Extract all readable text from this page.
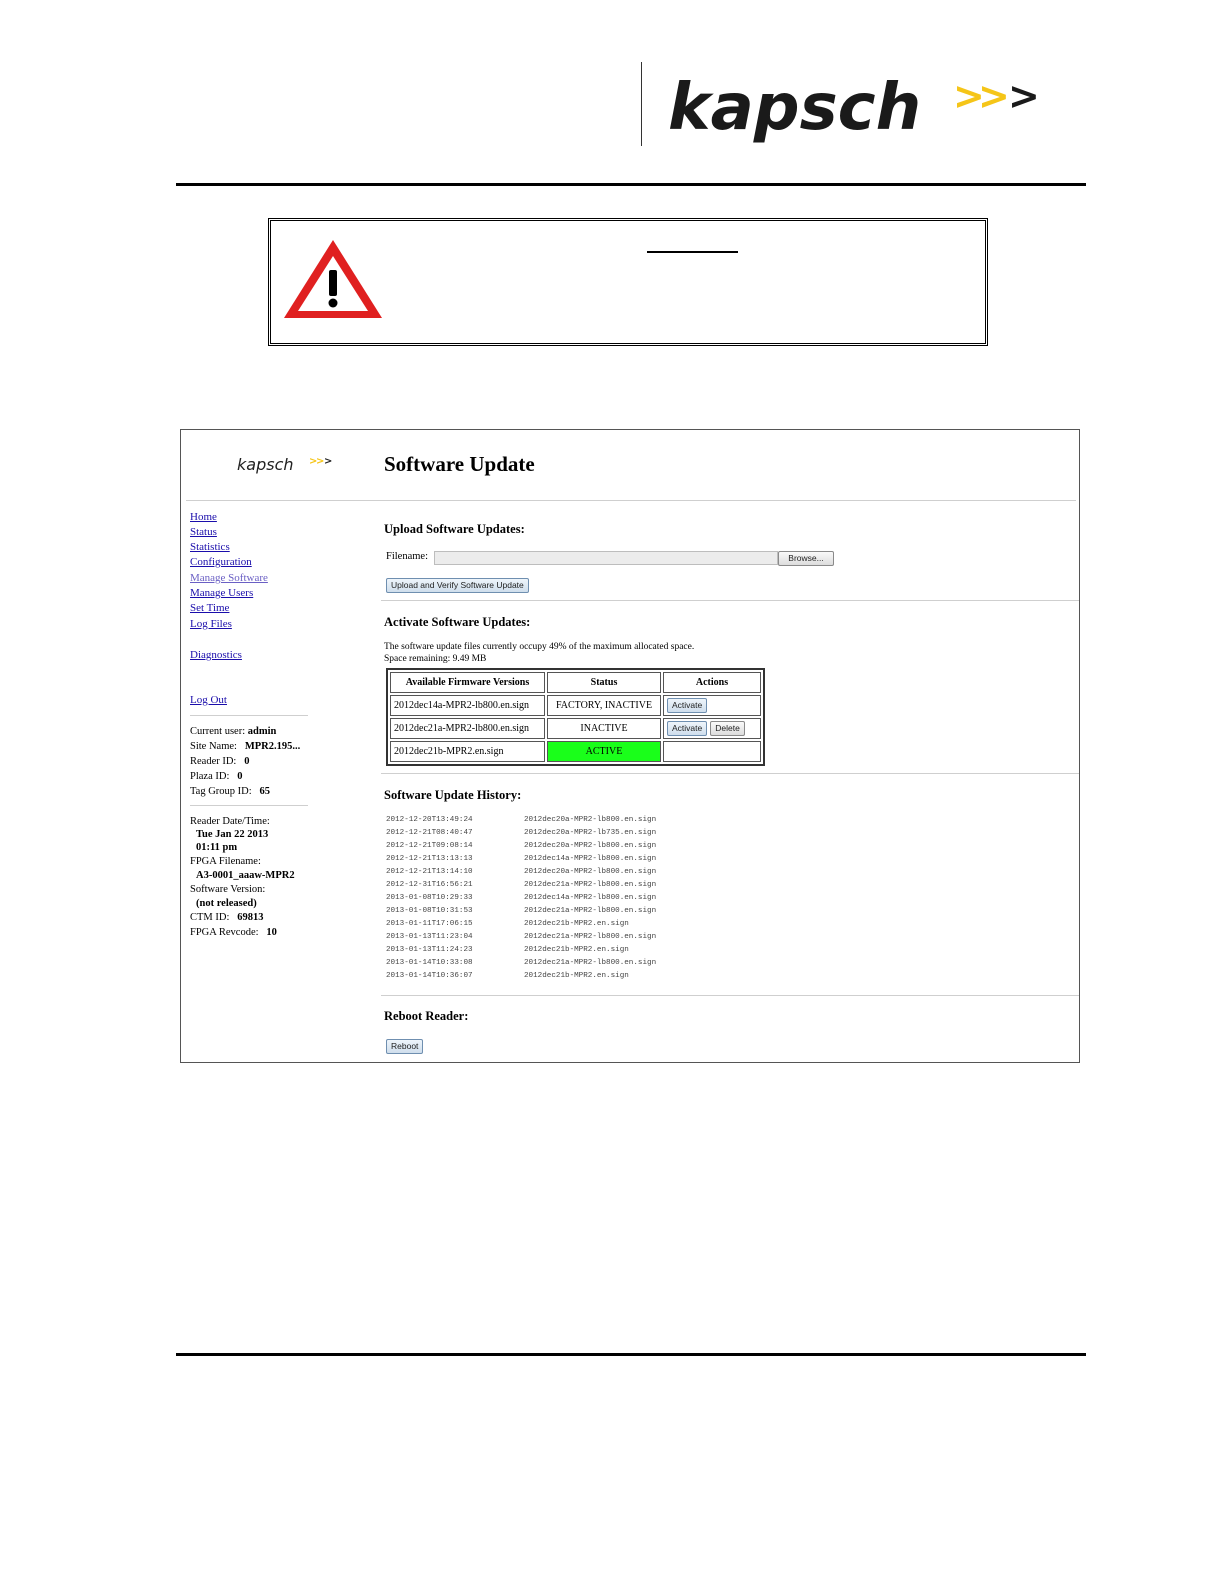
kapsch >
>
>
kapsch >
> > Software Update
Home
Status
Statistics
Configuration
Manage Software
Manage Users
Set Time
Log Files
Diagnostics
Log Out
Current user: admin
Site Name: MPR2.195...
Reader ID: 0
Plaza ID: 0
Tag Group ID: 65
Reader Date/Time:
Tue Jan 22 2013
01:11 pm
FPGA Filename:
A3-0001_aaaw-MPR2
Software Version:
(not released)
CTM ID: 69813
FPGA Revcode: 10
Upload Software Updates:
Filename:	Browse...
Upload and Verify Software Update
Activate Software Updates:
The software update files currently occupy 49% of the maximum allocated space.
Space remaining: 9.49 MB
Available Firmware Versions	Status	Actions
2012dec14a-MPR2-lb800.en.sign	FACTORY, INACTIVE	Activate
2012dec21a-MPR2-lb800.en.sign	INACTIVE	Activate Delete
2012dec21b-MPR2.en.sign	ACTIVE	
Software Update History:
2012-12-20T13:49:24	2012dec20a-MPR2-lb800.en.sign
2012-12-21T08:40:47	2012dec20a-MPR2-lb735.en.sign
2012-12-21T09:08:14	2012dec20a-MPR2-lb800.en.sign
2012-12-21T13:13:13	2012dec14a-MPR2-lb800.en.sign
2012-12-21T13:14:10	2012dec20a-MPR2-lb800.en.sign
2012-12-31T16:56:21	2012dec21a-MPR2-lb800.en.sign
2013-01-08T10:29:33	2012dec14a-MPR2-lb800.en.sign
2013-01-08T10:31:53	2012dec21a-MPR2-lb800.en.sign
2013-01-11T17:06:15	2012dec21b-MPR2.en.sign
2013-01-13T11:23:04	2012dec21a-MPR2-lb800.en.sign
2013-01-13T11:24:23	2012dec21b-MPR2.en.sign
2013-01-14T10:33:08	2012dec21a-MPR2-lb800.en.sign
2013-01-14T10:36:07	2012dec21b-MPR2.en.sign
Reboot Reader:
Reboot
